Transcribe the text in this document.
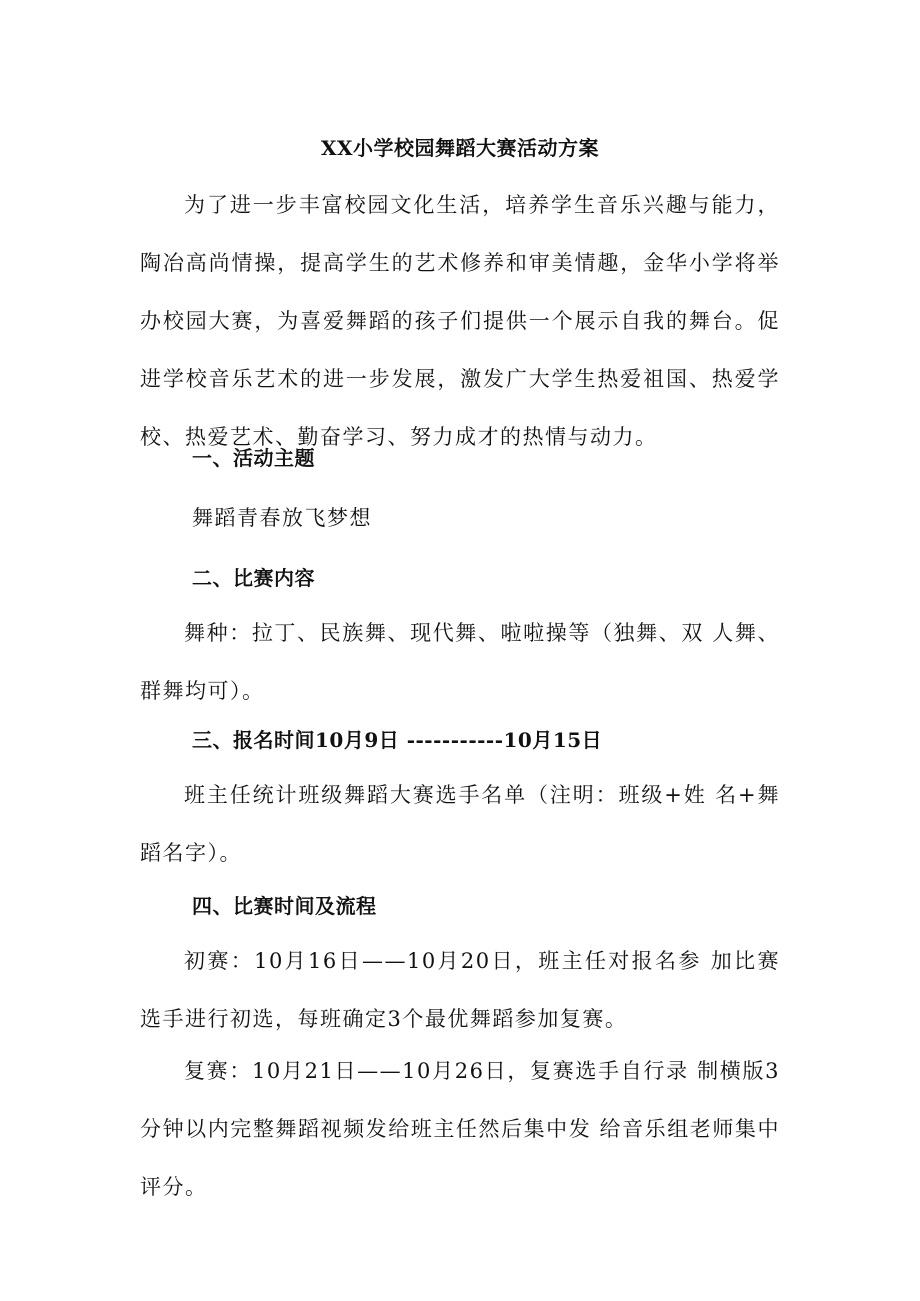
XX小学校园舞蹈大赛活动方案
为了进一步丰富校园文化生活，培养学生音乐兴趣与能力， 陶冶高尚情操，提高学生的艺术修养和审美情趣，金华小学将举 办校园大赛，为喜爱舞蹈的孩子们提供一个展示自我的舞台。促 进学校音乐艺术的进一步发展，激发广大学生热爱祖国、热爱学 校、热爱艺术、勤奋学习、努力成才的热情与动力。
一、活动主题
舞蹈青春放飞梦想
二、比赛内容
舞种：拉丁、民族舞、现代舞、啦啦操等（独舞、双 人舞、群舞均可）。
三、报名时间10月9日 -----------10月15日
班主任统计班级舞蹈大赛选手名单（注明：班级+姓 名+舞蹈名字）。
四、比赛时间及流程
初赛：10月16日——10月20日，班主任对报名参 加比赛选手进行初选，每班确定3个最优舞蹈参加复赛。
复赛：10月21日——10月26日，复赛选手自行录 制横版3分钟以内完整舞蹈视频发给班主任然后集中发 给音乐组老师集中评分。
